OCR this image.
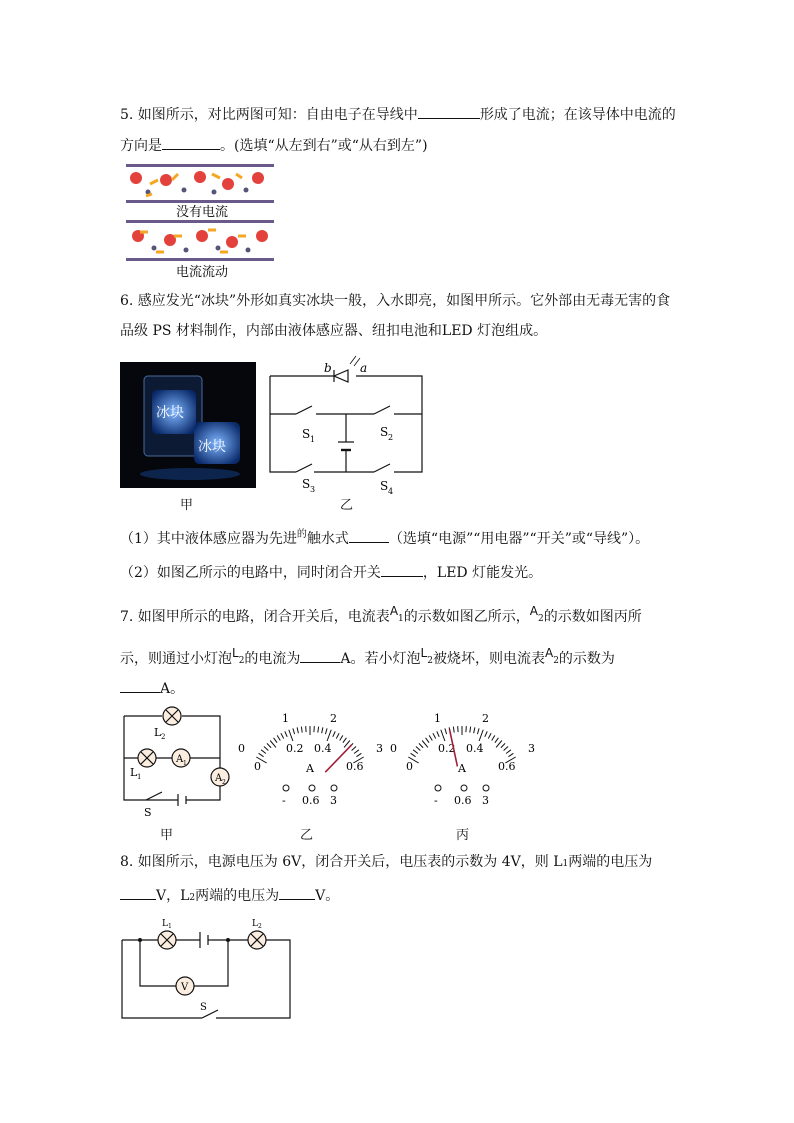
5. 如图所示，对比两图可知：自由电子在导线中	形成了电流；在该导体中电流的
方向是	。(选填“从左到右”或“从右到左”)
没有电流
电流流动
6. 感应发光“冰块”外形如真实冰块一般，入水即亮，如图甲所示。它外部由无毒无害的食
品级 PS 材料制作，内部由液体感应器、纽扣电池和LED 灯泡组成。
冰块
冰块
甲
b a
S 1
S 2
S 3	S 4
乙
（1）其中液体感应器为先进$^的$触水式	（选填“电源”“用电器”“开关”或“导线”）。
（2）如图乙所示的电路中，同时闭合开关	，LED 灯能发光。
7. 如图甲所示的电路，闭合开关后，电流表A1的示数如图乙所示，A2的示数如图丙所
示，则通过小灯泡L2的电流为	A。若小灯泡L2被烧坏，则电流表A2的示数为
A。
L 2
L 1
A 1
A 2
S
甲
1	2
0	3
0
0.2 0.4
0.6
A
- 0.6 3
乙
1	2
0	3
0
0.2 0.4
0.6
A
- 0.6 3
丙
8. 如图所示，电源电压为 6V，闭合开关后，电压表的示数为 4V，则 L1两端的电压为
V，L2两端的电压为	V。
L 1	L 2
V
S
